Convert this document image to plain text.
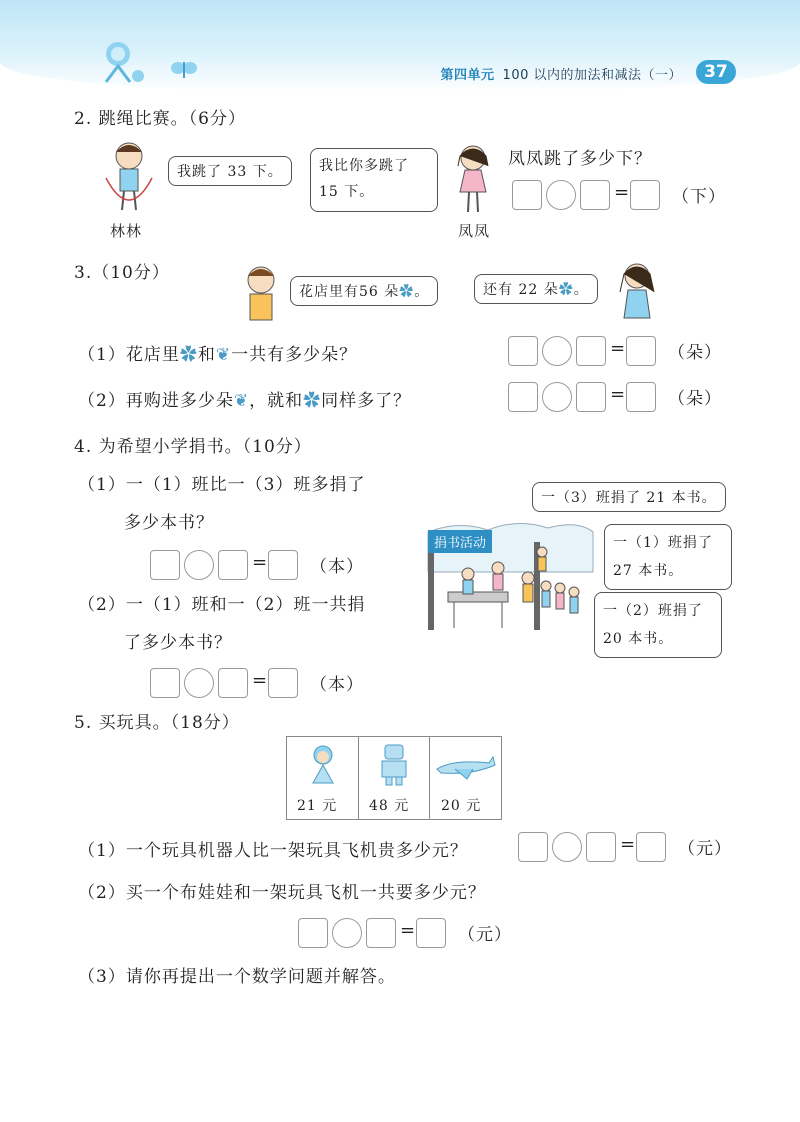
第四单元 100 以内的加法和减法（一）	37
2. 跳绳比赛。（6分）
我跳了 33 下。
林林
我比你多跳了
15 下。
凤凤
凤凤跳了多少下？
=	（下）
3.（10分）
花店里有56 朵✿。	还有 22 朵✿。
（1）花店里✿和❦一共有多少朵？	=	（朵）
（2）再购进多少朵❦，就和✿同样多了？	=	（朵）
4. 为希望小学捐书。（10分）
（1）一（1）班比一（3）班多捐了
多少本书？
=	（本）
（2）一（1）班和一（2）班一共捐
了多少本书？
=	（本）
捐书活动
一（3）班捐了 21 本书。
一（1）班捐了
27 本书。
一（2）班捐了
20 本书。
5. 买玩具。（18分）
21 元 48 元 20 元
（1）一个玩具机器人比一架玩具飞机贵多少元？	=	（元）
（2）买一个布娃娃和一架玩具飞机一共要多少元？
=	（元）
（3）请你再提出一个数学问题并解答。
